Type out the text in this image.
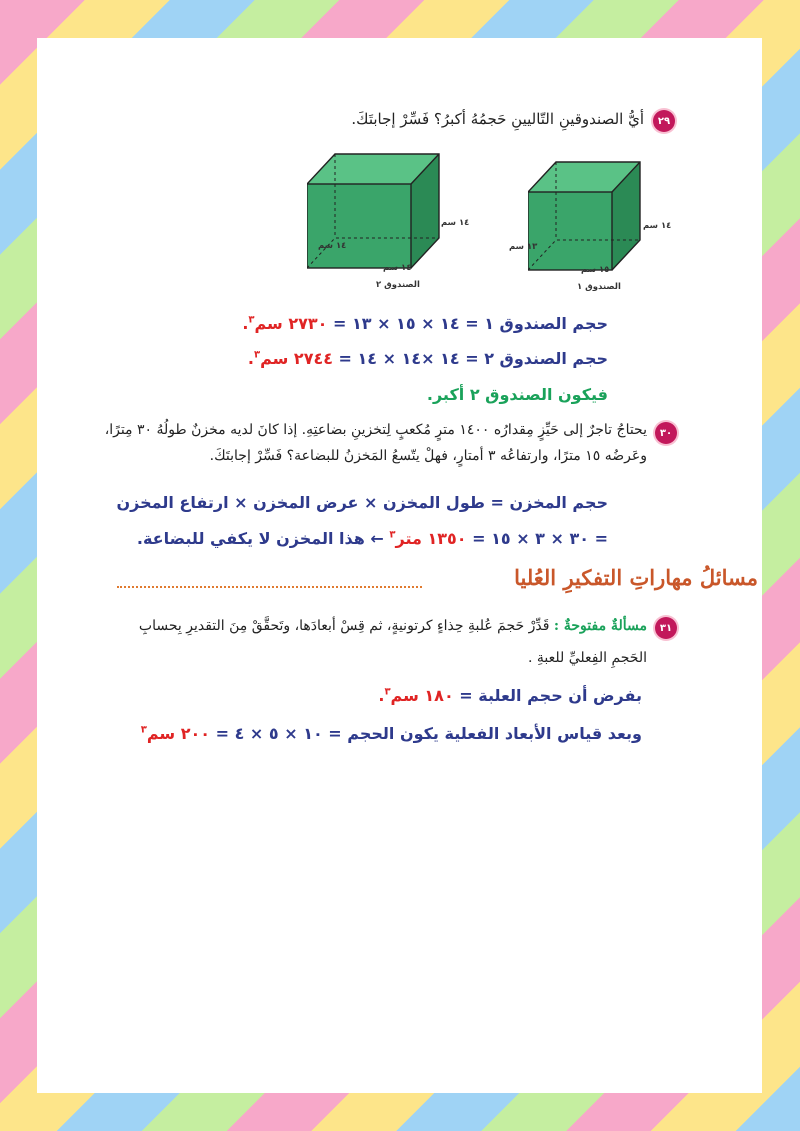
٢٩
أيُّ الصندوقينِ التّاليينِ حَجمُهُ أكبرُ؟ فَسِّرْ إجابتَكَ.
١٤ سم
١٤ سم
١٤ سم
الصندوق ٢
١٤ سم
١٣ سم
١٥ سم
الصندوق ١
حجم الصندوق ١ = ١٤ × ١٥ × ١٣ = ٢٧٣٠ سم$^٣$.
حجم الصندوق ٢ = ١٤ ×١٤ × ١٤ = ٢٧٤٤ سم$^٣$.
فيكون الصندوق ٢ أكبر.
٣٠
يحتاجُ تاجرٌ إلى حَيِّزٍ مِقدارُه ١٤٠٠ مترٍ مُكعبٍ لِتخزينِ بضاعتِهِ. إذا كانَ لديه مخزنٌ طولُهُ ٣٠ مِترًا،
وعَرضُه ١٥ مترًا، وارتفاعُه ٣ أمتارٍ، فهلْ يتّسعُ المَخزنُ للبضاعة؟ فَسِّرْ إجابتَكَ.
حجم المخزن = طول المخزن × عرض المخزن × ارتفاع المخزن
= ٣٠ × ٣ × ١٥ = ١٣٥٠ متر$^٣$ ← هذا المخزن لا يكفي للبضاعة.
مسائلُ مهاراتِ التفكيرِ العُليا
٣١
مسألةٌ مفتوحةٌ : قَدِّرْ حَجمَ عُلبةِ حِذاءٍ كرتونيةٍ، ثم قِسْ أبعادَها، وتَحقَّقْ مِنَ التقديرِ بِحسابِ
الحَجمِ الفِعليِّ للعبةِ .
بفرض أن حجم العلبة = ١٨٠ سم$^٣$.
وبعد قياس الأبعاد الفعلية يكون الحجم = ١٠ × ٥ × ٤ = ٢٠٠ سم$^٣$
